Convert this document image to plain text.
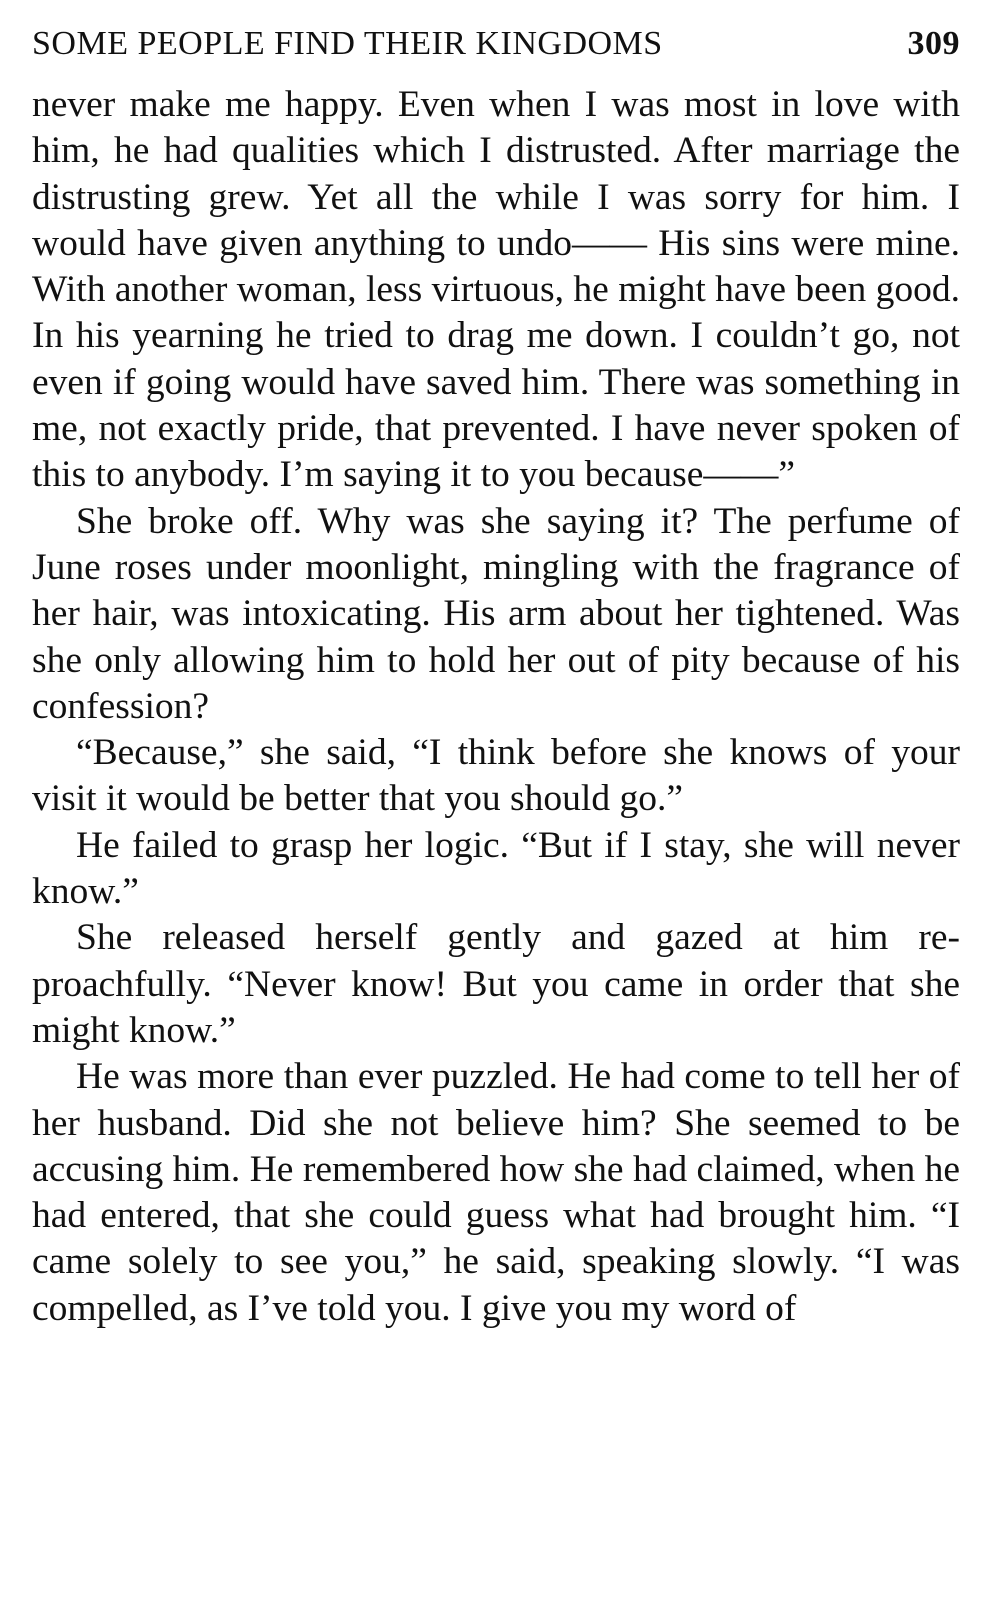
SOME PEOPLE FIND THEIR KINGDOMS	309

never make me happy. Even when I was most in love with him, he had qualities which I distrusted. After marriage the distrusting grew. Yet all the while I was sorry for him. I would have given anything to undo—— His sins were mine. With another woman, less virtuous, he might have been good. In his yearning he tried to drag me down. I couldn’t go, not even if going would have saved him. There was something in me, not exactly pride, that prevented. I have never spoken of this to anybody. I’m saying it to you because——”

She broke off. Why was she saying it? The perfume of June roses under moonlight, mingling with the fragrance of her hair, was intoxicating. His arm about her tightened. Was she only allowing him to hold her out of pity because of his confession?

“Because,” she said, “I think before she knows of your visit it would be better that you should go.”

He failed to grasp her logic. “But if I stay, she will never know.”

She released herself gently and gazed at him reproachfully. “Never know! But you came in order that she might know.”

He was more than ever puzzled. He had come to tell her of her husband. Did she not believe him? She seemed to be accusing him. He remembered how she had claimed, when he had entered, that she could guess what had brought him. “I came solely to see you,” he said, speaking slowly. “I was compelled, as I’ve told you. I give you my word of
